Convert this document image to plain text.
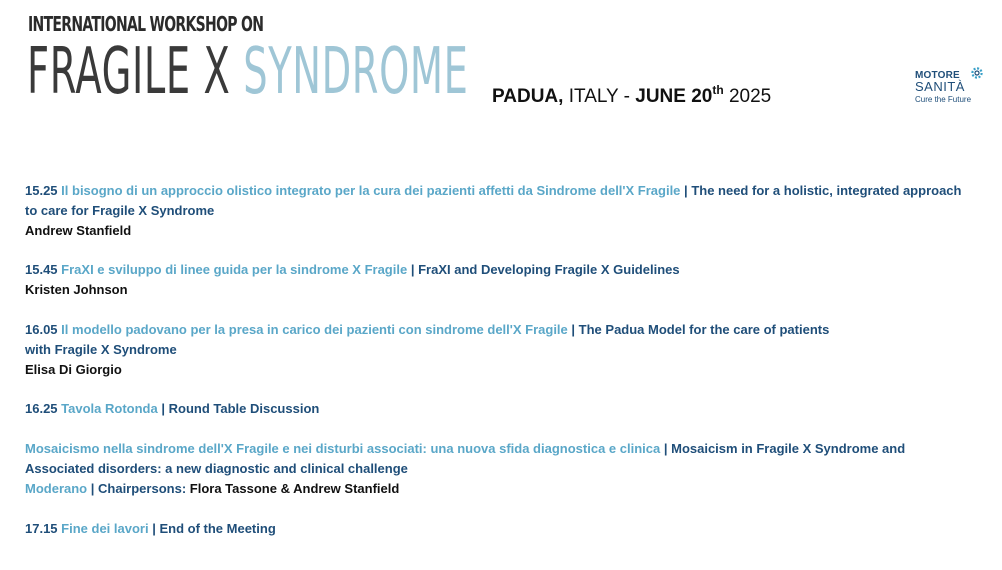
INTERNATIONAL WORKSHOP ON
FRAGILE X SYNDROME PADUA, ITALY - JUNE 20th 2025
MOTORE
SANITÀ
Cure the Future
15.25 Il bisogno di un approccio olistico integrato per la cura dei pazienti affetti da Sindrome dell'X Fragile | The need for a holistic, integrated approach to care for Fragile X Syndrome
Andrew Stanfield
15.45 FraXI e sviluppo di linee guida per la sindrome X Fragile | FraXI and Developing Fragile X Guidelines
Kristen Johnson
16.05 Il modello padovano per la presa in carico dei pazienti con sindrome dell'X Fragile | The Padua Model for the care of patients
with Fragile X Syndrome
Elisa Di Giorgio
16.25 Tavola Rotonda | Round Table Discussion
Mosaicismo nella sindrome dell'X Fragile e nei disturbi associati: una nuova sfida diagnostica e clinica | Mosaicism in Fragile X Syndrome and Associated disorders: a new diagnostic and clinical challenge
Moderano | Chairpersons: Flora Tassone & Andrew Stanfield
17.15 Fine dei lavori | End of the Meeting
